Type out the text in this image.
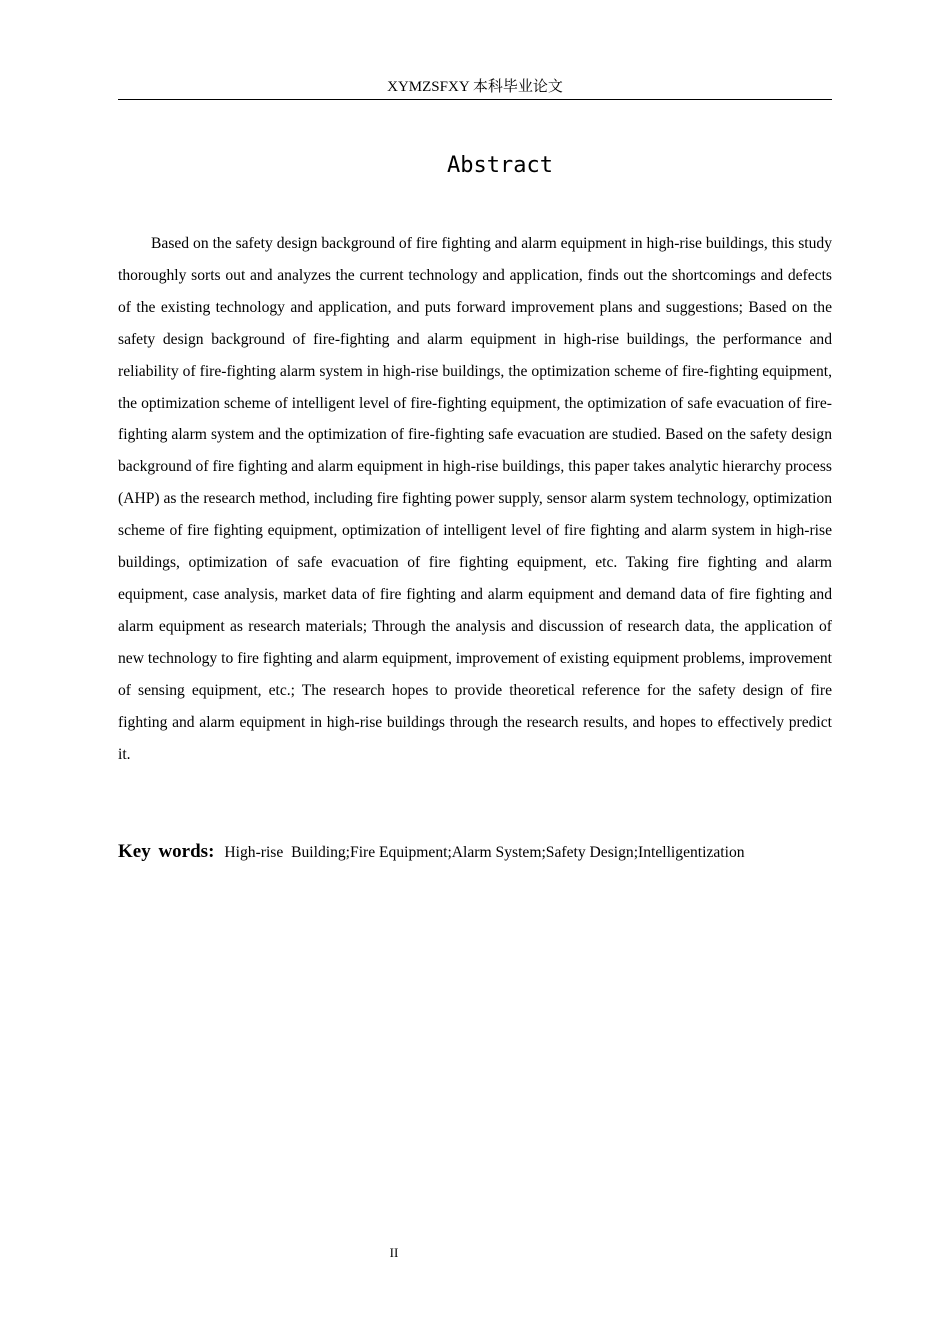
XYMZSFXY 本科毕业论文
Abstract

Based on the safety design background of fire fighting and alarm equipment in high-rise buildings, this study thoroughly sorts out and analyzes the current technology and application, finds out the shortcomings and defects of the existing technology and application, and puts forward improvement plans and suggestions; Based on the safety design background of fire-fighting and alarm equipment in high-rise buildings, the performance and reliability of fire-fighting alarm system in high-rise buildings, the optimization scheme of fire-fighting equipment, the optimization scheme of intelligent level of fire-fighting equipment, the optimization of safe evacuation of fire-fighting alarm system and the optimization of fire-fighting safe evacuation are studied. Based on the safety design background of fire fighting and alarm equipment in high-rise buildings, this paper takes analytic hierarchy process (AHP) as the research method, including fire fighting power supply, sensor alarm system technology, optimization scheme of fire fighting equipment, optimization of intelligent level of fire fighting and alarm system in high-rise buildings, optimization of safe evacuation of fire fighting equipment, etc. Taking fire fighting and alarm equipment, case analysis, market data of fire fighting and alarm equipment and demand data of fire fighting and alarm equipment as research materials; Through the analysis and discussion of research data, the application of new technology to fire fighting and alarm equipment, improvement of existing equipment problems, improvement of sensing equipment, etc.; The research hopes to provide theoretical reference for the safety design of fire fighting and alarm equipment in high-rise buildings through the research results, and hopes to effectively predict it.

Key words: High-rise  Building;Fire Equipment;Alarm System;Safety Design;Intelligentization
II
